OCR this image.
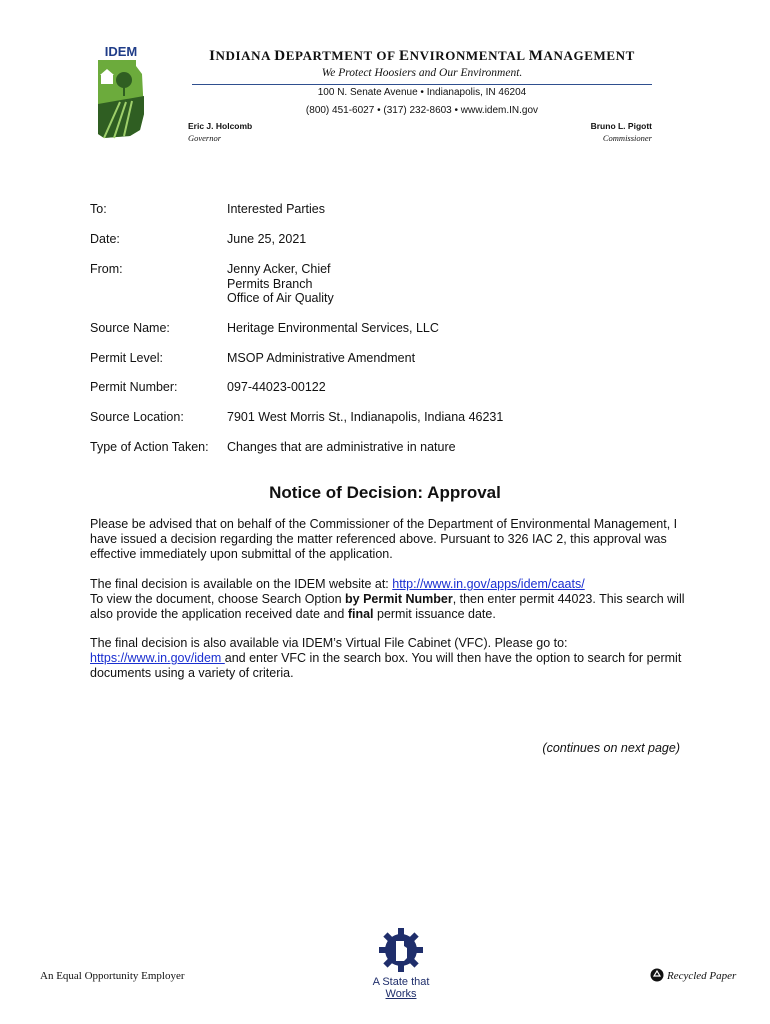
IDEM	INDIANA DEPARTMENT OF ENVIRONMENTAL MANAGEMENT
We Protect Hoosiers and Our Environment.
100 N. Senate Avenue • Indianapolis, IN 46204
(800) 451-6027 • (317) 232-8603 • www.idem.IN.gov
Eric J. Holcomb
Governor
Bruno L. Pigott
Commissioner
To:	Interested Parties
Date:	June 25, 2021
From:	Jenny Acker, Chief
Permits Branch
Office of Air Quality
Source Name:	Heritage Environmental Services, LLC
Permit Level:	MSOP Administrative Amendment
Permit Number:	097-44023-00122
Source Location:	7901 West Morris St., Indianapolis, Indiana 46231
Type of Action Taken: Changes that are administrative in nature
Notice of Decision: Approval
Please be advised that on behalf of the Commissioner of the Department of Environmental Management, I have issued a decision regarding the matter referenced above. Pursuant to 326 IAC 2, this approval was effective immediately upon submittal of the application.
The final decision is available on the IDEM website at: http://www.in.gov/apps/idem/caats/
To view the document, choose Search Option by Permit Number, then enter permit 44023. This search will also provide the application received date and final permit issuance date.
The final decision is also available via IDEM’s Virtual File Cabinet (VFC). Please go to:
https://www.in.gov/idem and enter VFC in the search box. You will then have the option to search for permit documents using a variety of criteria.
(continues on next page)
An Equal Opportunity Employer	A State that Works
Recycled Paper
